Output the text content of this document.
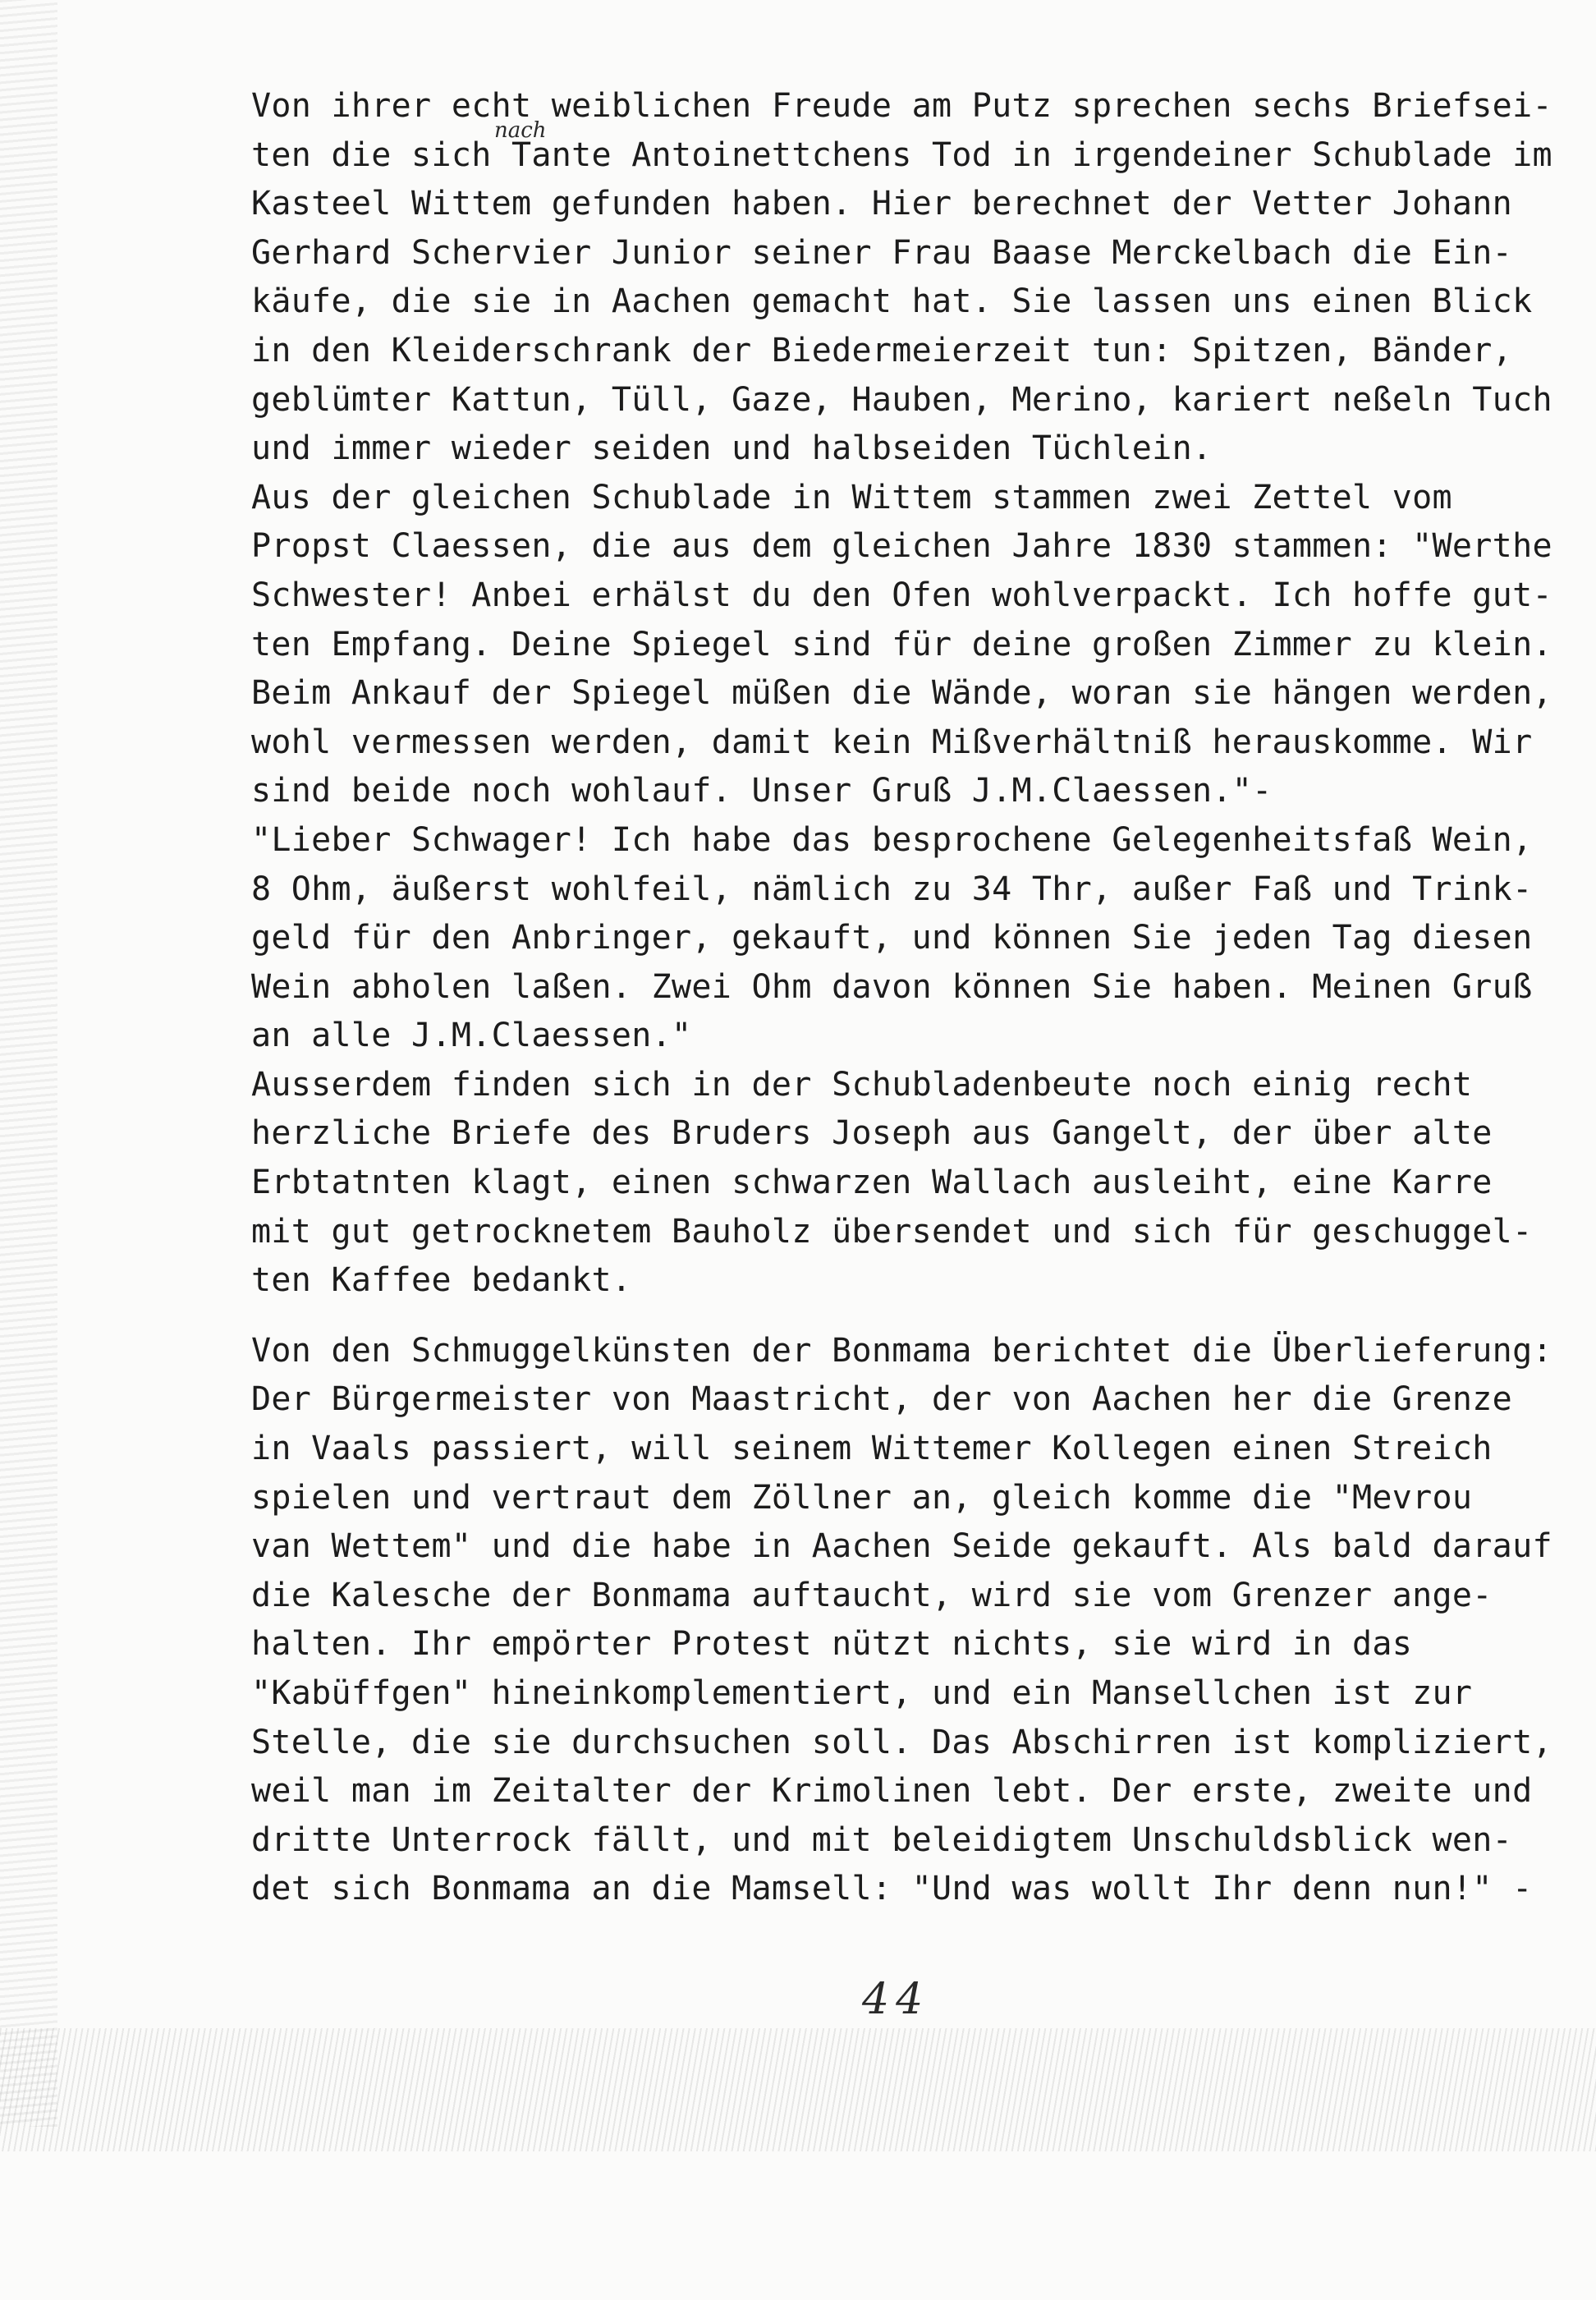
nach
Von ihrer echt weiblichen Freude am Putz sprechen sechs Briefsei-
ten die sich Tante Antoinettchens Tod in irgendeiner Schublade im
Kasteel Wittem gefunden haben. Hier berechnet der Vetter Johann
Gerhard Schervier Junior seiner Frau Baase Merckelbach die Ein-
käufe, die sie in Aachen gemacht hat. Sie lassen uns einen Blick
in den Kleiderschrank der Biedermeierzeit tun: Spitzen, Bänder,
geblümter Kattun, Tüll, Gaze, Hauben, Merino, kariert neßeln Tuch
und immer wieder seiden und halbseiden Tüchlein.
Aus der gleichen Schublade in Wittem stammen zwei Zettel vom
Propst Claessen, die aus dem gleichen Jahre 1830 stammen: "Werthe
Schwester! Anbei erhälst du den Ofen wohlverpackt. Ich hoffe gut-
ten Empfang. Deine Spiegel sind für deine großen Zimmer zu klein.
Beim Ankauf der Spiegel müßen die Wände, woran sie hängen werden,
wohl vermessen werden, damit kein Mißverhältniß herauskomme. Wir
sind beide noch wohlauf. Unser Gruß J.M.Claessen."-
"Lieber Schwager! Ich habe das besprochene Gelegenheitsfaß Wein,
8 Ohm, äußerst wohlfeil, nämlich zu 34 Thr, außer Faß und Trink-
geld für den Anbringer, gekauft, und können Sie jeden Tag diesen
Wein abholen laßen. Zwei Ohm davon können Sie haben. Meinen Gruß
an alle J.M.Claessen."
Ausserdem finden sich in der Schubladenbeute noch einig recht
herzliche Briefe des Bruders Joseph aus Gangelt, der über alte
Erbtatnten klagt, einen schwarzen Wallach ausleiht, eine Karre
mit gut getrocknetem Bauholz übersendet und sich für geschuggel-
ten Kaffee bedankt.
Von den Schmuggelkünsten der Bonmama berichtet die Überlieferung:
Der Bürgermeister von Maastricht, der von Aachen her die Grenze
in Vaals passiert, will seinem Wittemer Kollegen einen Streich
spielen und vertraut dem Zöllner an, gleich komme die "Mevrou
van Wettem" und die habe in Aachen Seide gekauft. Als bald darauf
die Kalesche der Bonmama auftaucht, wird sie vom Grenzer ange-
halten. Ihr empörter Protest nützt nichts, sie wird in das
"Kabüffgen" hineinkomplementiert, und ein Mansellchen ist zur
Stelle, die sie durchsuchen soll. Das Abschirren ist kompliziert,
weil man im Zeitalter der Krimolinen lebt. Der erste, zweite und
dritte Unterrock fällt, und mit beleidigtem Unschuldsblick wen-
det sich Bonmama an die Mamsell: "Und was wollt Ihr denn nun!" -
44
